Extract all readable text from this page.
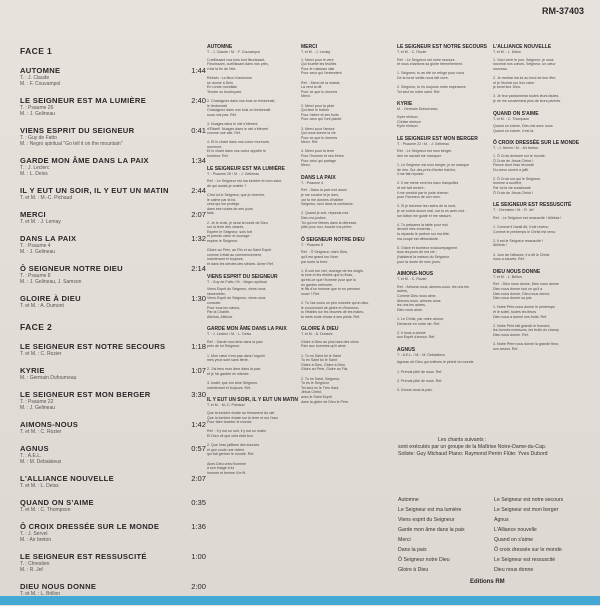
RM-37403
FACE 1
AUTOMNE	1:44
T. : J. Claude
M. : F. Couvampol
LE SEIGNEUR EST MA LUMIÈRE	2:40
T. : Psaume 26
M. : J. Gelineau
VIENS ESPRIT DU SEIGNEUR	0:41
T. : Guy de Fatto
M. : Negro spiritual "Go tell it on the mountain"
GARDE MON ÂME DANS LA PAIX	1:34
T. : J. Leclerc
M. : L. Deiss
IL Y EUT UN SOIR, IL Y EUT UN MATIN	2:44
T. et M. : M.-C. Pichaud
MERCI	2:07
T. et M. : J. Lemay
DANS LA PAIX	1:32
T. : Psaume 4
M. : J. Gelineau
Ô SEIGNEUR NOTRE DIEU	2:14
T. : Psaume 8
M. : J. Gelineau, J. Samson
GLOIRE À DIEU	1:30
T. et M. : A. Dumont
FACE 2
LE SEIGNEUR EST NOTRE SECOURS	1:18
T. et M. : C. Rozier
KYRIE	1:07
M. : Germain Dufourneau
LE SEIGNEUR EST MON BERGER	3:30
T. : Psaume 22
M. : J. Gelineau
AIMONS-NOUS	1:42
T. et M. : C. Rozier
AGNUS	0:57
T. : A.E.L.
M. : M. Debaisieux
L'ALLIANCE NOUVELLE	2:07
T. et M. : L. Deiss
QUAND ON S'AIME	0:35
T. et M. : C. Thompson
Ô CROIX DRESSÉE SUR LE MONDE	1:36
T. : J. Servel
M. : Air breton
LE SEIGNEUR EST RESSUSCITÉ	1:00
T. : Chrestien
M. : R. Jef
DIEU NOUS DONNE	2:00
T. et M. : L. Brillon
AUTOMNE
T. : J. Claude / M. : F. Couvampol
Cueillissant nos bois tout fleurissant,
Fleurissant, cueillissant dans nos prés,
c'est la fin de l'été.

Refrain : La fleuri d'automne
se donne à Dieu
En ronde mondiale
Tendre ou foudroyant.

2. Chatoignez dans nos bois on fredonnait,
le fredonnait
Chatoignez dans nos bois on fredonnait
sous nos pas. Ref.

3. Nuages dans le ciel s'élèvent,
d'Eliwell. Nuages dans le ciel s'élèvent
comme une aile. Ref.

4. Et le chant dans nos coeur murmure,
murmure,
Et le chant dans nos coeur appelle le
bonheur. Ref.
LE SEIGNEUR EST MA LUMIÈRE
T. : Psaume 26 / M. : J. Gelineau
Ref. : Le Seigneur est ma lumière et mon salut,
de qui aurais-je crainte ?

C'est lui le Seigneur, que je cherche,
le calme par la foi,
celui qui me protège
dans ses routes de ses jours
faits.

2. Je le crois, je serai la bonté de Dieu
sur la terre des vivants,
Espère le Seigneur, sois fort
et prends cœur et courage :
espère le Seigneur.

Gloire au Père, au Fils et au Saint Esprit
comme il était au commencement,
maintenant et toujours,
et dans les siècles des siècles. Amen Ref.
VIENS ESPRIT DU SEIGNEUR
T. : Guy de Fatto / M. : Negro spiritual
Viens Esprit du Seigneur, viens nous
rassembler,
Viens Esprit du Seigneur, viens nous
consoler.
Pour tous les cœurs,
Par la Charité.
Alleluia, Alleluia.
GARDE MON ÂME DANS LA PAIX
T. : J. Leclerc / M. : L. Deiss
Ref. : Garde mon âme dans la paix
près de toi Seigneur.

1. Mon cœur n'est pas dans l'orgueil
mes yeux sont sans fierté.

2. J'ai tenu mon âme dans la paix
et je l'ai gardée en silence.

3. Israël, que ton âme Seigneur,
maintenant et toujours. Ref.
IL Y EUT UN SOIR, IL Y EUT UN MATIN
T. et M. : M.-C. Pichaud
Que la lumière éclate au firmament du ciel
Que la lumière éclate sur la terre et sur l'eau
Pour faire chanter le monde.

Ref. : Il y eut un soir, il y eut un matin
Et Dieu vit que cela était bon.

2. Que l'eau jaillisse des sources
et que coule une rivière
qui fait germer le monde. Ref.

Alors Dieu créa l'homme
à son image à lui
homme et femme il le fit.
MERCI
T. et M. : J. Lemay
1. Merci pour le vent
Qui fouette les feuilles
Pour le ruisseau clair
Pour ceux qui l'entendent.

Ref. : Merci de la maisie,
La vent la dit
Pour ce que tu donnes
Merci.

2. Merci pour la pluie
Qui lave le trottoir
Pour l'arbre et ses fruits
Pour ceux qui l'ont planté.

3. Merci pour l'amour
Qui nous donne la vie
Pour ce que tu donnes
Merci. Ref.

4. Merci pour la terre
Pour l'homme et ses frères
Pour celui qui partage
Merci.
DANS LA PAIX
T. : Psaume 4
Ref. : Dans la paix moi aussi
je me couche et je dors,
car tu me donnes d'habiter
Seigneur, seul dans la confiance.

2. Quand je crie, réponds-moi
Dieu ma justice,
Toi qui me libères dans la détresse,
pitié pour moi, écoute ma prière.
Ô SEIGNEUR NOTRE DIEU
T. : Psaume 8
Ref. : Ô Seigneur, notre Dieu,
qu'il est grand ton Nom
par toute la terre.

1. À voir ton ciel, ouvrage de tes doigts,
la lune et les étoiles que tu fixas,
qu'est-ce que l'homme pour que tu
en gardes mémoire,
le fils d'un homme que tu en prennes
souci ? Ref.

2. Tu l'as voulu un peu moindre qu'un dieu,
le couronnant de gloire et d'honneur,
tu l'établis sur les œuvres de tes mains,
tu mets toute chose à ses pieds. Ref.
GLOIRE À DIEU
T. et M. : A. Dumont
Gloire à Dieu au plus haut des cieux
Paix aux hommes qu'il aime.

1. Tu es Saint toi le Saint
Tu es Saint toi le Saint
Gloire à Dieu, Gloire à Dieu
Gloire au Père, Gloire au Fils.

2. Tu es Saint, Seigneur,
Tu es le Seigneur
Toi seul es le Très Haut
Jésus Christ,
avec le Saint Esprit
dans la gloire de Dieu le Père.
LE SEIGNEUR EST NOTRE SECOURS
T. et M. : C. Rozier
Ref. : Le Seigneur est notre secours
et nous chantons sa gloire éternellement.

1. Seigneur, tu as été un refuge pour nous
De la force vieille-nous fait vivre.

2. Seigneur, tu es toujours notre espérance
Toi seul es notre salut. Ref.
KYRIE
M. : Germain Dufourneau
Kyrie eleison
Christe eleison
Kyrie eleison
LE SEIGNEUR EST MON BERGER
T. : Psaume 22 / M. : J. Gelineau
Ref. : Le Seigneur est mon berger,
rien ne saurait me manquer.

1. Le Seigneur est mon berger, je ne manque
de rien. Sur des prés d'herbe fraîche,
il me fait reposer.

2. Il me mène vers les eaux tranquilles
et me fait revivre ;
il me conduit par le juste chemin
pour l'honneur de son nom.

3. Si je traverse les ravins de la mort,
je ne crains aucun mal, car tu es avec moi :
ton bâton me guide et me rassure.

4. Tu prépares la table pour moi
devant mes ennemis ;
tu répands le parfum sur ma tête,
ma coupe est débordante.

5. Grâce et bonheur m'accompagnent
tous les jours de ma vie ;
j'habiterai la maison du Seigneur
pour la durée de mes jours.
AIMONS-NOUS
T. et M. : C. Rozier
Ref. : Aimons-nous, aimons-nous, les uns les
autres,
Comme Dieu nous aime.
Aimons-nous, aimons-nous
les uns les autres,
Dieu nous aime.

1. Le Christ, par notre amour,
Demeure en notre vie. Ref.

2. Il nous a donné
son Esprit d'amour. Ref.
AGNUS
T. : A.E.L. / M. : M. Debaisieux
Agneau de Dieu qui enlèves le péché du monde

1. Prends pitié de nous. Ref.

2. Prends pitié de nous. Ref.

3. Donne-nous la paix.
L'ALLIANCE NOUVELLE
T. et M. : L. Deiss
1. Voici venir le jour, Seigneur, je vous
rouvrirai nos cœurs, Seigneur, un cœur
nouveau.

2. Je mettrai ma loi au fond de leur être
et je l'écrirai sur leur cœur
je serai leur Dieu.

3. Je leur pardonnerai toutes leurs fautes,
je ne me souviendrai plus de leurs péchés.
QUAND ON S'AIME
T. et M. : C. Thompson
Quand on s'aime, Dieu est avec nous
Quand on s'aime, il est là.
Ô CROIX DRESSÉE SUR LE MONDE
T. : J. Servel / M. : Air breton
1. Ô Croix dressée sur le monde,
Ô Croix de Jésus Christ !
Fleuve dont l'eau féconde
Du cœur ouvert a jailli.

2. Ô Croix sur qui le Seigneur
homme a souffert,
Par toi la vie surabonde
Ô Croix de Jésus Christ !
LE SEIGNEUR EST RESSUSCITÉ
T. : Chrestien / M. : R. Jef
Ref. : Le Seigneur est ressuscité ! Alléluia !

1. Comme il l'avait dit, il est revenu
Comme le printemps le Christ est venu.

2. Il est le Seigneur ressuscité !
Alléluia !

3. Jour de l'alliance, il a dit le Christ,
nous a sauvés. Ref.
DIEU NOUS DONNE
T. et M. : L. Brillon
Ref. : Dieu nous donne, Dieu nous donne
Dieu nous donne tout ce qu'il a
Dieu nous donne, Dieu nous donne,
Dieu nous donne sa joie.

1. Notre Père nous donne le printemps
et le soleil, toutes les fleurs
Dieu nous a donné ses fruits. Ref.

2. Notre Père fait grandir le froment,
les bonnes moissons, les fruits du champ
Dieu nous donne. Ref.

3. Notre Père nous donne la grande fleur,
son amour. Ref.

Les chants suivants :

sont exécutés par un groupe de la Maîtrise Notre-Dame-du-Cap.

Soliste: Guy Michaud Piano: Raymond Perrin Flûte: Yves Dubord

Automne
Le Seigneur est ma lumière
Viens esprit du Seigneur
Garde mon âme dans la paix
Merci
Dans la paix
Ô Seigneur notre Dieu
Gloire à Dieu
Le Seigneur est notre secours
Le Seigneur est mon berger
Agnus
L'Alliance nouvelle
Quand on s'aime
Ô croix dressée sur le monde
Le Seigneur est ressuscité
Dieu nous donne
Editions RM
